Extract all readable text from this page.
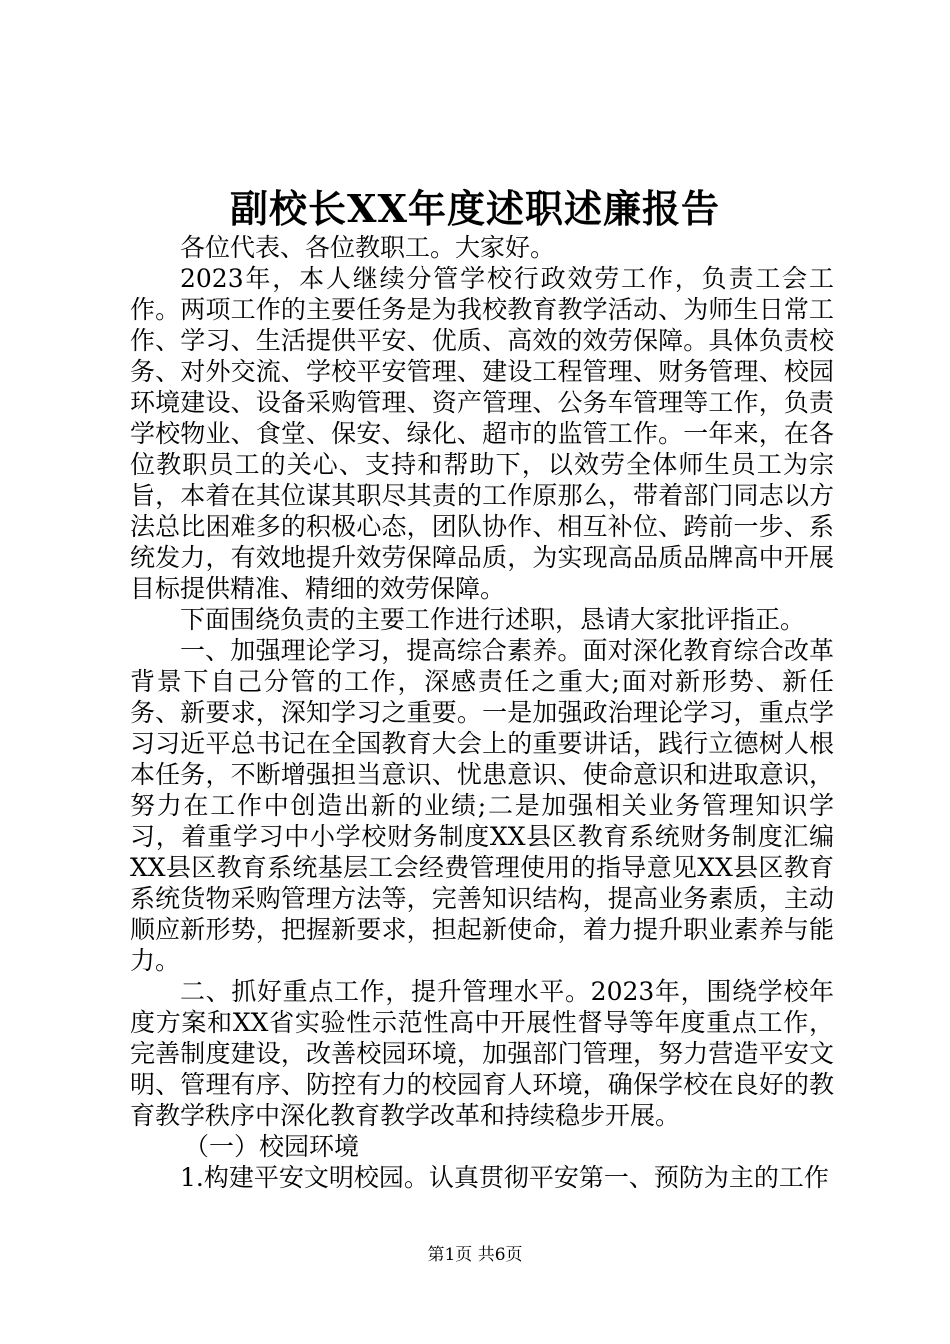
副校长XX年度述职述廉报告

各位代表、各位教职工。大家好。

2023年，本人继续分管学校行政效劳工作，负责工会工作。两项工作的主要任务是为我校教育教学活动、为师生日常工作、学习、生活提供平安、优质、高效的效劳保障。具体负责校务、对外交流、学校平安管理、建设工程管理、财务管理、校园环境建设、设备采购管理、资产管理、公务车管理等工作，负责学校物业、食堂、保安、绿化、超市的监管工作。一年来，在各位教职员工的关心、支持和帮助下，以效劳全体师生员工为宗旨，本着在其位谋其职尽其责的工作原那么，带着部门同志以方法总比困难多的积极心态，团队协作、相互补位、跨前一步、系统发力，有效地提升效劳保障品质，为实现高品质品牌高中开展目标提供精准、精细的效劳保障。

下面围绕负责的主要工作进行述职，恳请大家批评指正。

一、加强理论学习，提高综合素养。面对深化教育综合改革背景下自己分管的工作，深感责任之重大;面对新形势、新任务、新要求，深知学习之重要。一是加强政治理论学习，重点学习习近平总书记在全国教育大会上的重要讲话，践行立德树人根本任务，不断增强担当意识、忧患意识、使命意识和进取意识，努力在工作中创造出新的业绩;二是加强相关业务管理知识学习，着重学习中小学校财务制度XX县区教育系统财务制度汇编XX县区教育系统基层工会经费管理使用的指导意见XX县区教育系统货物采购管理方法等，完善知识结构，提高业务素质，主动顺应新形势，把握新要求，担起新使命，着力提升职业素养与能力。

二、抓好重点工作，提升管理水平。2023年，围绕学校年度方案和XX省实验性示范性高中开展性督导等年度重点工作，完善制度建设，改善校园环境，加强部门管理，努力营造平安文明、管理有序、防控有力的校园育人环境，确保学校在良好的教育教学秩序中深化教育教学改革和持续稳步开展。

（一）校园环境

1.构建平安文明校园。认真贯彻平安第一、预防为主的工作

第1页 共6页
